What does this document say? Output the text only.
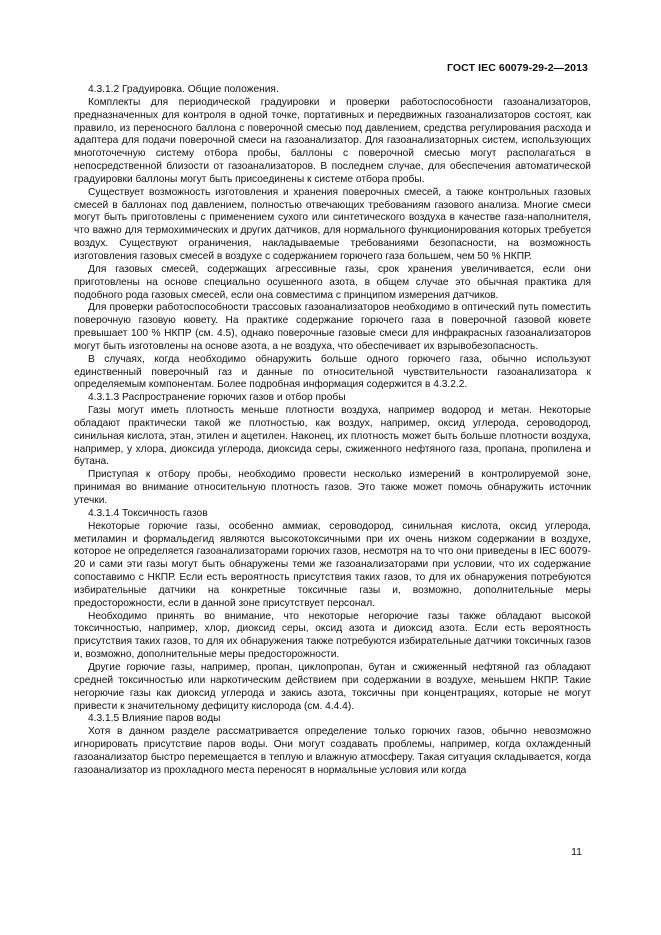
ГОСТ IEC 60079-29-2—2013

4.3.1.2 Градуировка. Общие положения.

Комплекты для периодической градуировки и проверки работоспособности газоанализаторов, предназначенных для контроля в одной точке, портативных и передвижных газоанализаторов состоят, как правило, из переносного баллона с поверочной смесью под давлением, средства регулирования расхода и адаптера для подачи поверочной смеси на газоанализатор. Для газоанализаторных систем, использующих многоточечную систему отбора пробы, баллоны с поверочной смесью могут располагаться в непосредственной близости от газоанализаторов. В последнем случае, для обеспечения автоматической градуировки баллоны могут быть присоединены к системе отбора пробы.

Существует возможность изготовления и хранения поверочных смесей, а также контрольных газовых смесей в баллонах под давлением, полностью отвечающих требованиям газового анализа. Многие смеси могут быть приготовлены с применением сухого или синтетического воздуха в качестве газа-наполнителя, что важно для термохимических и других датчиков, для нормального функционирования которых требуется воздух. Существуют ограничения, накладываемые требованиями безопасности, на возможность изготовления газовых смесей в воздухе с содержанием горючего газа большем, чем 50 % НКПР.

Для газовых смесей, содержащих агрессивные газы, срок хранения увеличивается, если они приготовлены на основе специально осушенного азота, в общем случае это обычная практика для подобного рода газовых смесей, если она совместима с принципом измерения датчиков.

Для проверки работоспособности трассовых газоанализаторов необходимо в оптический путь поместить поверочную газовую кювету. На практике содержание горючего газа в поверочной газовой кювете превышает 100 % НКПР (см. 4.5), однако поверочные газовые смеси для инфракрасных газоанализаторов могут быть изготовлены на основе азота, а не воздуха, что обеспечивает их взрывобезопасность.

В случаях, когда необходимо обнаружить больше одного горючего газа, обычно используют единственный поверочный газ и данные по относительной чувствительности газоанализатора к определяемым компонентам. Более подробная информация содержится в 4.3.2.2.

4.3.1.3 Распространение горючих газов и отбор пробы

Газы могут иметь плотность меньше плотности воздуха, например водород и метан. Некоторые обладают практически такой же плотностью, как воздух, например, оксид углерода, сероводород, синильная кислота, этан, этилен и ацетилен. Наконец, их плотность может быть больше плотности воздуха, например, у хлора, диоксида углерода, диоксида серы, сжиженного нефтяного газа, пропана, пропилена и бутана.

Приступая к отбору пробы, необходимо провести несколько измерений в контролируемой зоне, принимая во внимание относительную плотность газов. Это также может помочь обнаружить источник утечки.

4.3.1.4 Токсичность газов

Некоторые горючие газы, особенно аммиак, сероводород, синильная кислота, оксид углерода, метиламин и формальдегид являются высокотоксичными при их очень низком содержании в воздухе, которое не определяется газоанализаторами горючих газов, несмотря на то что они приведены в IEC 60079-20 и сами эти газы могут быть обнаружены теми же газоанализаторами при условии, что их содержание сопоставимо с НКПР. Если есть вероятность присутствия таких газов, то для их обнаружения потребуются избирательные датчики на конкретные токсичные газы и, возможно, дополнительные меры предосторожности, если в данной зоне присутствует персонал.

Необходимо принять во внимание, что некоторые негорючие газы также обладают высокой токсичностью, например, хлор, диоксид серы, оксид азота и диоксид азота. Если есть вероятность присутствия таких газов, то для их обнаружения также потребуются избирательные датчики токсичных газов и, возможно, дополнительные меры предосторожности.

Другие горючие газы, например, пропан, циклопропан, бутан и сжиженный нефтяной газ обладают средней токсичностью или наркотическим действием при содержании в воздухе, меньшем НКПР. Такие негорючие газы как диоксид углерода и закись азота, токсичны при концентрациях, которые не могут привести к значительному дефициту кислорода (см. 4.4.4).

4.3.1.5 Влияние паров воды

Хотя в данном разделе рассматривается определение только горючих газов, обычно невозможно игнорировать присутствие паров воды. Они могут создавать проблемы, например, когда охлажденный газоанализатор быстро перемещается в теплую и влажную атмосферу. Такая ситуация складывается, когда газоанализатор из прохладного места переносят в нормальные условия или когда

11
